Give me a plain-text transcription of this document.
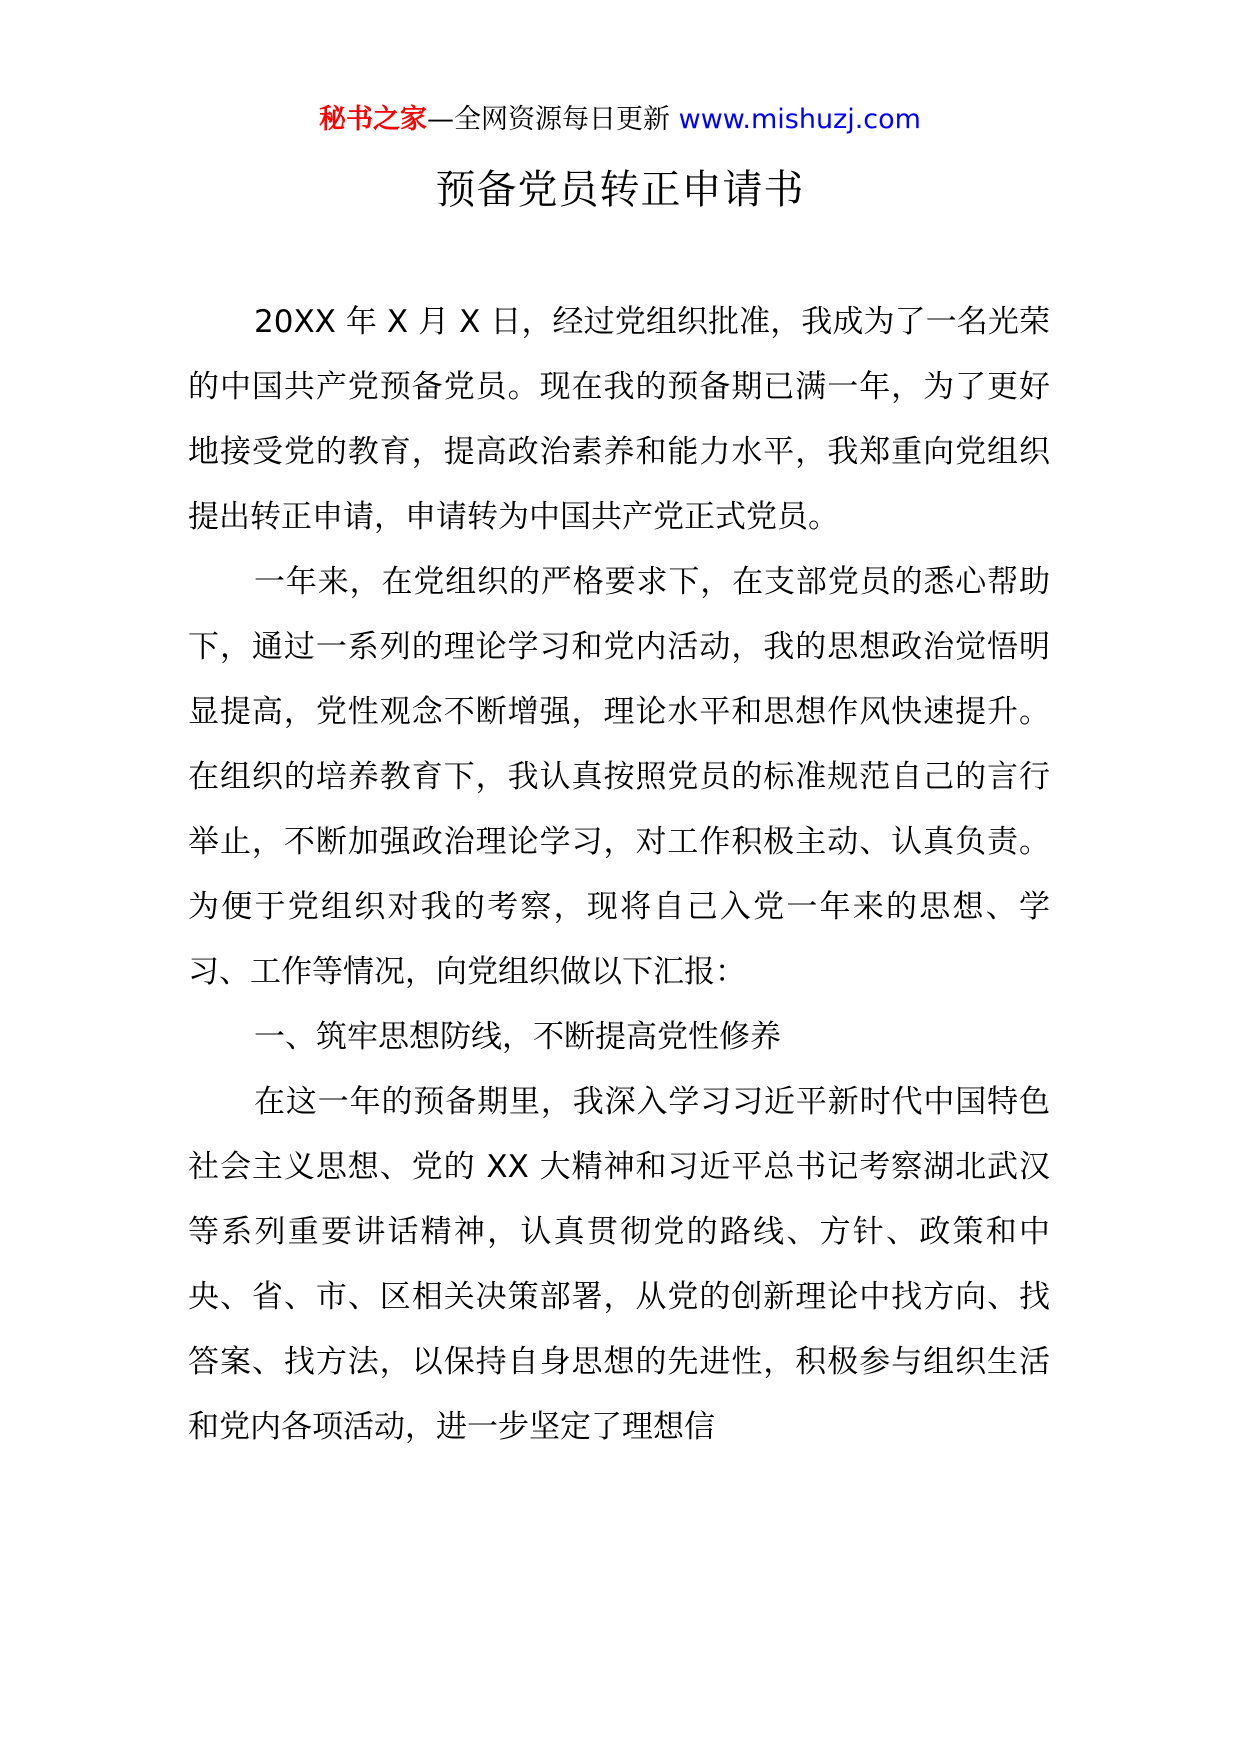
秘书之家—全网资源每日更新 www.mishuzj.com
预备党员转正申请书

20XX 年 X 月 X 日，经过党组织批准，我成为了一名光荣的中国共产党预备党员。现在我的预备期已满一年，为了更好地接受党的教育，提高政治素养和能力水平，我郑重向党组织提出转正申请，申请转为中国共产党正式党员。

一年来，在党组织的严格要求下，在支部党员的悉心帮助下，通过一系列的理论学习和党内活动，我的思想政治觉悟明显提高，党性观念不断增强，理论水平和思想作风快速提升。在组织的培养教育下，我认真按照党员的标准规范自己的言行举止，不断加强政治理论学习，对工作积极主动、认真负责。为便于党组织对我的考察，现将自己入党一年来的思想、学习、工作等情况，向党组织做以下汇报：

一、筑牢思想防线，不断提高党性修养

在这一年的预备期里，我深入学习习近平新时代中国特色社会主义思想、党的 XX 大精神和习近平总书记考察湖北武汉等系列重要讲话精神，认真贯彻党的路线、方针、政策和中央、省、市、区相关决策部署，从党的创新理论中找方向、找答案、找方法，以保持自身思想的先进性，积极参与组织生活和党内各项活动，进一步坚定了理想信
